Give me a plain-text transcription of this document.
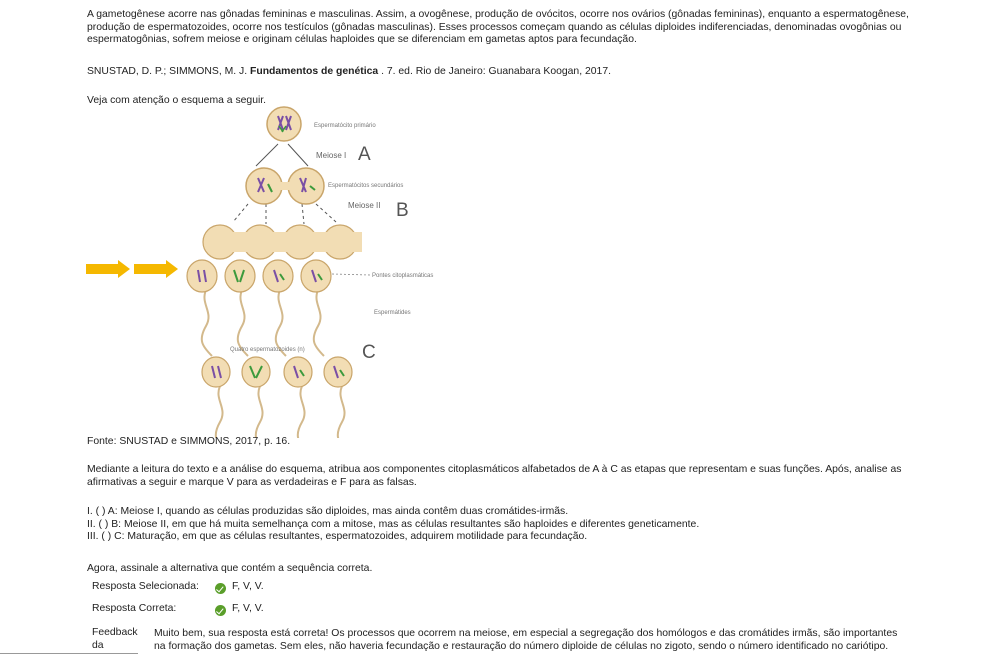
A gametogênese acorre nas gônadas femininas e masculinas. Assim, a ovogênese, produção de ovócitos, ocorre nos ovários (gônadas femininas), enquanto a espermatogênese,
produção de espermatozoides, ocorre nos testículos (gônadas masculinas). Esses processos começam quando as células diploides indiferenciadas, denominadas ovogônias ou
espermatogônias, sofrem meiose e originam células haploides que se diferenciam em gametas aptos para fecundação.
SNUSTAD, D. P.; SIMMONS, M. J. Fundamentos de genética . 7. ed. Rio de Janeiro: Guanabara Koogan, 2017.
Veja com atenção o esquema a seguir.
Espermatócito primário
Meiose I A
Espermatócitos secundários
Meiose II B
Pontes citoplasmáticas
Espermátides
Quatro espermatozoides (n)	C
Fonte: SNUSTAD e SIMMONS, 2017, p. 16.
Mediante a leitura do texto e a análise do esquema, atribua aos componentes citoplasmáticos alfabetados de A à C as etapas que representam e suas funções. Após, analise as
afirmativas a seguir e marque V para as verdadeiras e F para as falsas.
I. ( ) A: Meiose I, quando as células produzidas são diploides, mas ainda contêm duas cromátides-irmãs.
II. ( ) B: Meiose II, em que há muita semelhança com a mitose, mas as células resultantes são haploides e diferentes geneticamente.
III. ( ) C: Maturação, em que as células resultantes, espermatozoides, adquirem motilidade para fecundação.
Agora, assinale a alternativa que contém a sequência correta.
Resposta Selecionada:	F, V, V.
Resposta Correta:	F, V, V.
Feedback
da
Muito bem, sua resposta está correta! Os processos que ocorrem na meiose, em especial a segregação dos homólogos e das cromátides irmãs, são importantes
na formação dos gametas. Sem eles, não haveria fecundação e restauração do número diploide de células no zigoto, sendo o número identificado no cariótipo.
